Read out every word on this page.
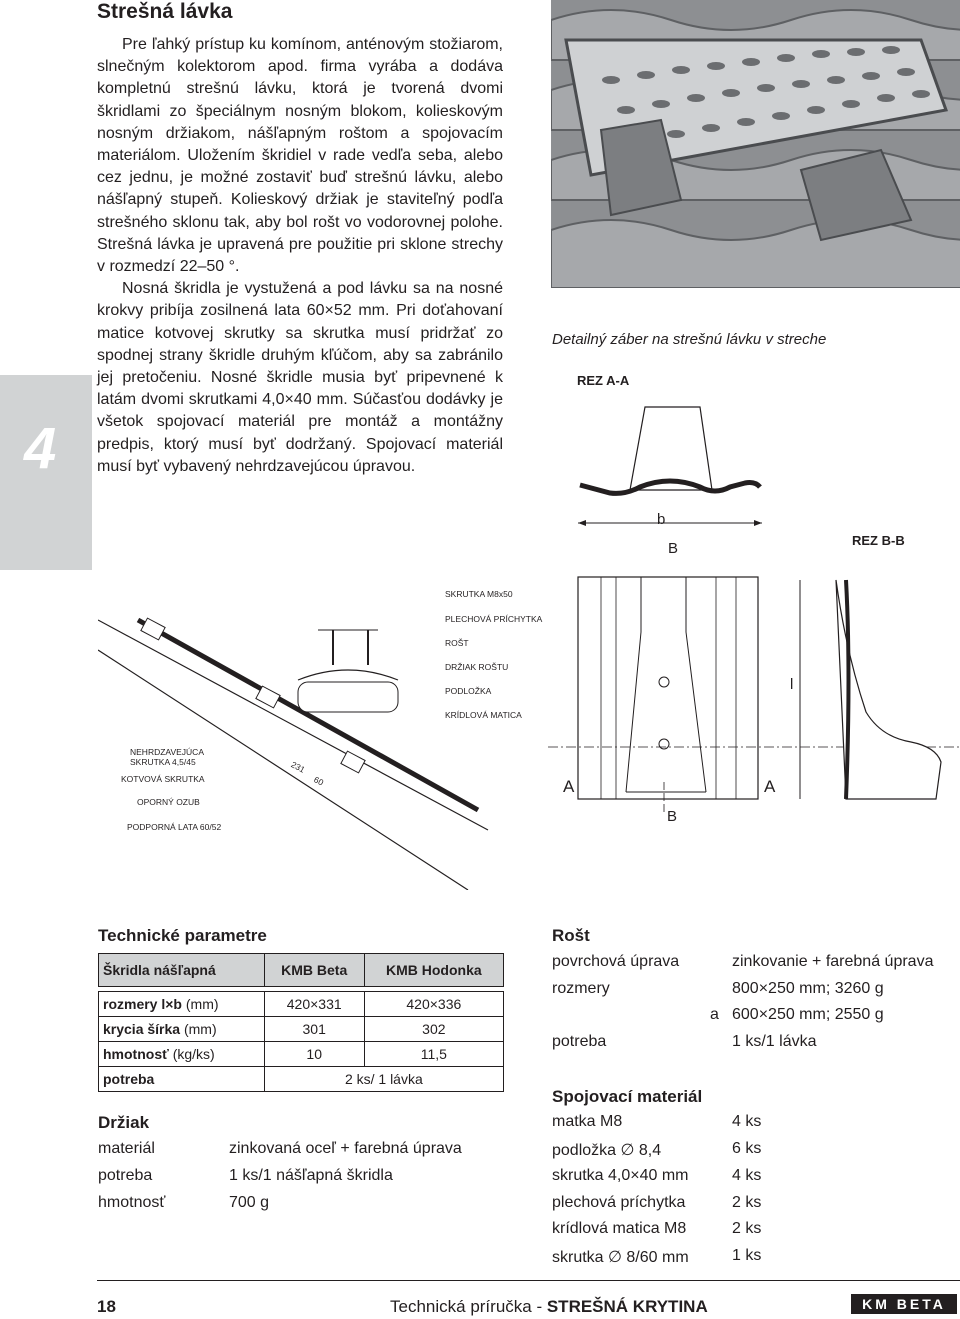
Strešná lávka

Pre ľahký prístup ku komínom, anténovým stožiarom, slnečným kolektorom apod. firma vyrába a dodáva kompletnú strešnú lávku, ktorá je tvorená dvomi škridlami zo špeciálnym nosným blokom, kolieskovým nosným držiakom, nášľapným roštom a spojovacím materiálom. Uložením škridiel v rade vedľa seba, alebo cez jednu, je možné zostaviť buď strešnú lávku, alebo nášľapný stupeň. Kolieskový držiak je staviteľný podľa strešného sklonu tak, aby bol rošt vo vodorovnej polohe. Strešná lávka je upravená pre použitie pri sklone strechy v rozmedzí 22–50 °.

Nosná škridla je vystužená a pod lávku sa na nosné krokvy pribíja zosilnená lata 60×52 mm. Pri doťahovaní matice kotvovej skrutky sa skrutka musí pridržať zo spodnej strany škridle druhým kľúčom, aby sa zabránilo jej pretočeniu. Nosné škridle musia byť pripevnené k latám dvomi skrutkami 4,0×40 mm. Súčasťou dodávky je všetok spojovací materiál pre montáž a montážny predpis, ktorý musí byť dodržaný. Spojovací materiál musí byť vybavený nehrdzavejúcou úpravou.

4
Detailný záber na strešnú lávku v streche
REZ A-A
b
B	REZ B-B
A	A
B
l
SKRUTKA M8x50
PLECHOVÁ PRÍCHYTKA
ROŠT
DRŽIAK ROŠTU
PODLOŽKA
KRÍDLOVÁ MATICA
NEHRDZAVEJÚCA
SKRUTKA 4,5/45
KOTVOVÁ SKRUTKA
OPORNÝ OZUB
PODPORNÁ LATA 60/52
231
60
Technické parametre
Škridla nášľapná	KMB Beta	KMB Hodonka

rozmery l×b (mm)	420×331	420×336
krycia šírka (mm)	301	302
hmotnosť (kg/ks)	10	11,5
potreba	2 ks/ 1 lávka	
Držiak
materiál	zinkovaná oceľ + farebná úprava
potreba	1 ks/1 nášľapná škridla
hmotnosť	700 g
Rošt
povrchová úprava	zinkovanie + farebná úprava
rozmery	800×250 mm; 3260 g
a 600×250 mm; 2550 g
potreba	1 ks/1 lávka
Spojovací materiál
matka M8	4 ks
podložka ∅ 8,4	6 ks
skrutka 4,0×40 mm	4 ks
plechová príchytka	2 ks
krídlová matica M8	2 ks
skrutka ∅ 8/60 mm	1 ks
18	Technická príručka - STREŠNÁ KRYTINA	KM BETA
